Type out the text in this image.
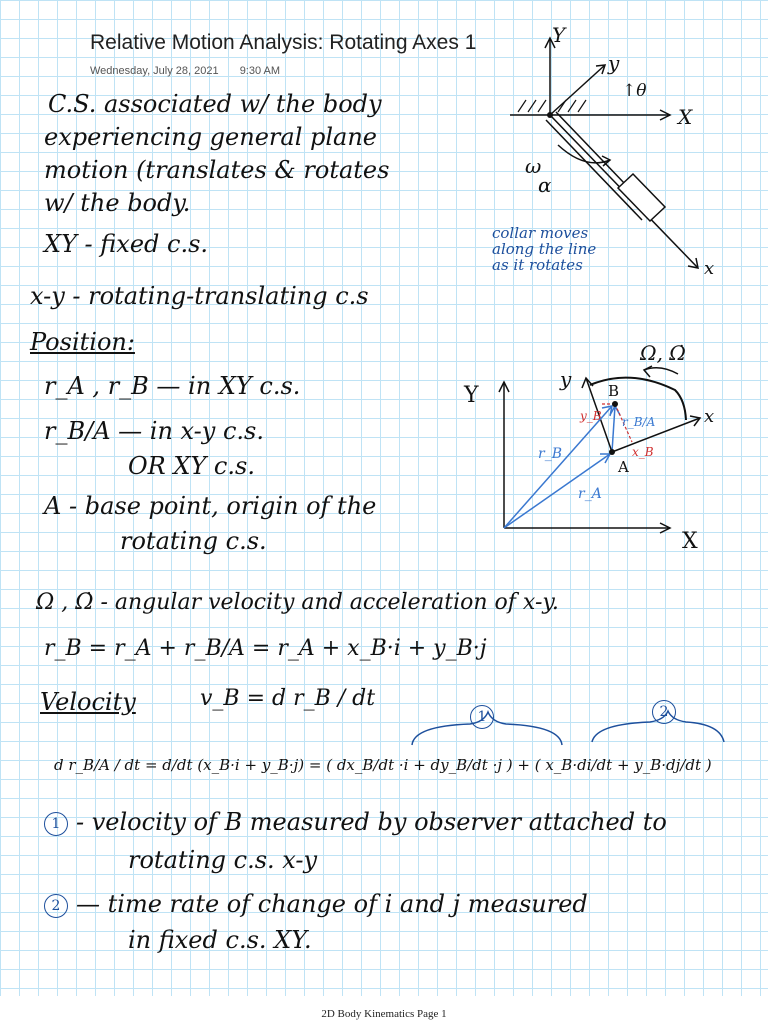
Relative Motion Analysis: Rotating Axes 1
Wednesday, July 28, 2021 9:30 AM
C.S. associated w/ the body
experiencing general plane
motion (translates & rotates
w/ the body.
XY - fixed c.s.
x-y - rotating-translating c.s
Position:
r_A , r_B — in XY c.s.
r_B/A — in x-y c.s.
OR XY c.s.
A - base point, origin of the
rotating c.s.
Ω , Ω̇ - angular velocity and acceleration of x-y.
r_B = r_A + r_B/A = r_A + x_B·i + y_B·j
Velocity	v_B = d r_B / dt
d r_B/A / dt = d/dt (x_B·i + y_B·j) = ( dx_B/dt ·i + dy_B/dt ·j ) + ( x_B·di/dt + y_B·dj/dt )
1	2
1 - velocity of B measured by observer attached to
rotating c.s. x-y
2 — time rate of change of i and j measured
in fixed c.s. XY.
Y
y
↑θ
X
x
ω
α
collar moves
along the line
as it rotates
Ω, Ω̇
Y
y
X
x
B
A
r_B
r_A
r_B/A
y_B
x_B
2D Body Kinematics Page 1
